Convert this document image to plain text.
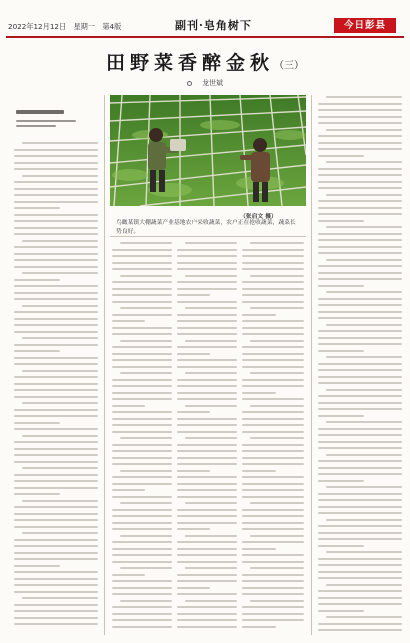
2022年12月12日 星期一 第4版	副刊·皂角树下	今日彭县
田野菜香醉金秋（三）
龙世斌
（张启文 摄）
鸟瞰某镇大棚蔬菜产业基地农户采收蔬菜，农户正在抢收蔬菜，蔬菜长势良好。
